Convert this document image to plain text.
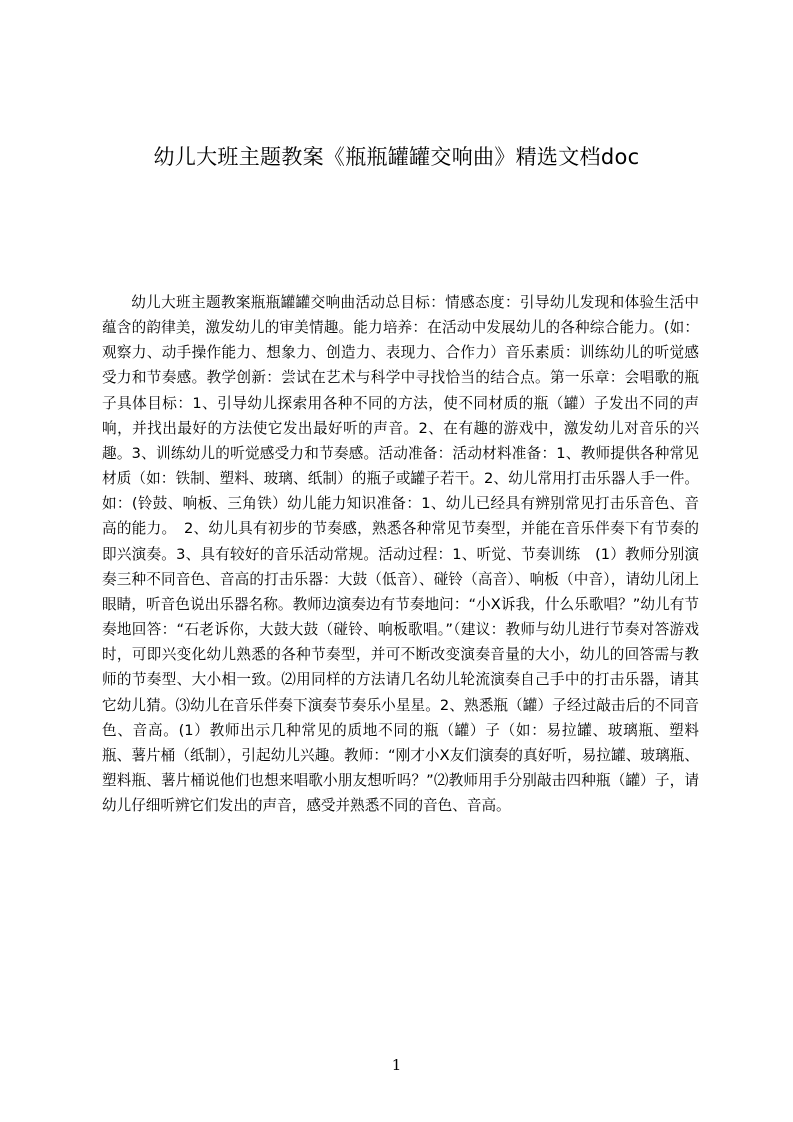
幼儿大班主题教案《瓶瓶罐罐交响曲》精选文档doc

幼儿大班主题教案瓶瓶罐罐交响曲活动总目标：情感态度：引导幼儿发现和体验生活中蕴含的韵律美，激发幼儿的审美情趣。能力培养：在活动中发展幼儿的各种综合能力。(如：观察力、动手操作能力、想象力、创造力、表现力、合作力）音乐素质：训练幼儿的听觉感受力和节奏感。教学创新：尝试在艺术与科学中寻找恰当的结合点。第一乐章：会唱歌的瓶子具体目标：1、引导幼儿探索用各种不同的方法，使不同材质的瓶（罐）子发出不同的声响，并找出最好的方法使它发出最好听的声音。2、在有趣的游戏中，激发幼儿对音乐的兴趣。3、训练幼儿的听觉感受力和节奏感。活动准备：活动材料准备：1、教师提供各种常见材质（如：铁制、塑料、玻璃、纸制）的瓶子或罐子若干。2、幼儿常用打击乐器人手一件。如：(铃鼓、响板、三角铁）幼儿能力知识准备：1、幼儿已经具有辨别常见打击乐音色、音高的能力。　2、幼儿具有初步的节奏感，熟悉各种常见节奏型，并能在音乐伴奏下有节奏的即兴演奏。3、具有较好的音乐活动常规。活动过程：1、听觉、节奏训练　(1）教师分别演奏三种不同音色、音高的打击乐器：大鼓（低音）、碰铃（高音）、响板（中音），请幼儿闭上眼睛，听音色说出乐器名称。教师边演奏边有节奏地问：“小X诉我，什么乐歌唱？”幼儿有节奏地回答：“石老诉你，大鼓大鼓（碰铃、响板歌唱。”（建议：教师与幼儿进行节奏对答游戏时，可即兴变化幼儿熟悉的各种节奏型，并可不断改变演奏音量的大小，幼儿的回答需与教师的节奏型、大小相一致。⑵用同样的方法请几名幼儿轮流演奏自己手中的打击乐器，请其它幼儿猜。⑶幼儿在音乐伴奏下演奏节奏乐小星星。2、熟悉瓶（罐）子经过敲击后的不同音色、音高。(1）教师出示几种常见的质地不同的瓶（罐）子（如：易拉罐、玻璃瓶、塑料瓶、薯片桶（纸制），引起幼儿兴趣。教师：“刚才小X友们演奏的真好听，易拉罐、玻璃瓶、塑料瓶、薯片桶说他们也想来唱歌小朋友想听吗？”⑵教师用手分别敲击四种瓶（罐）子，请幼儿仔细听辨它们发出的声音，感受并熟悉不同的音色、音高。

1
